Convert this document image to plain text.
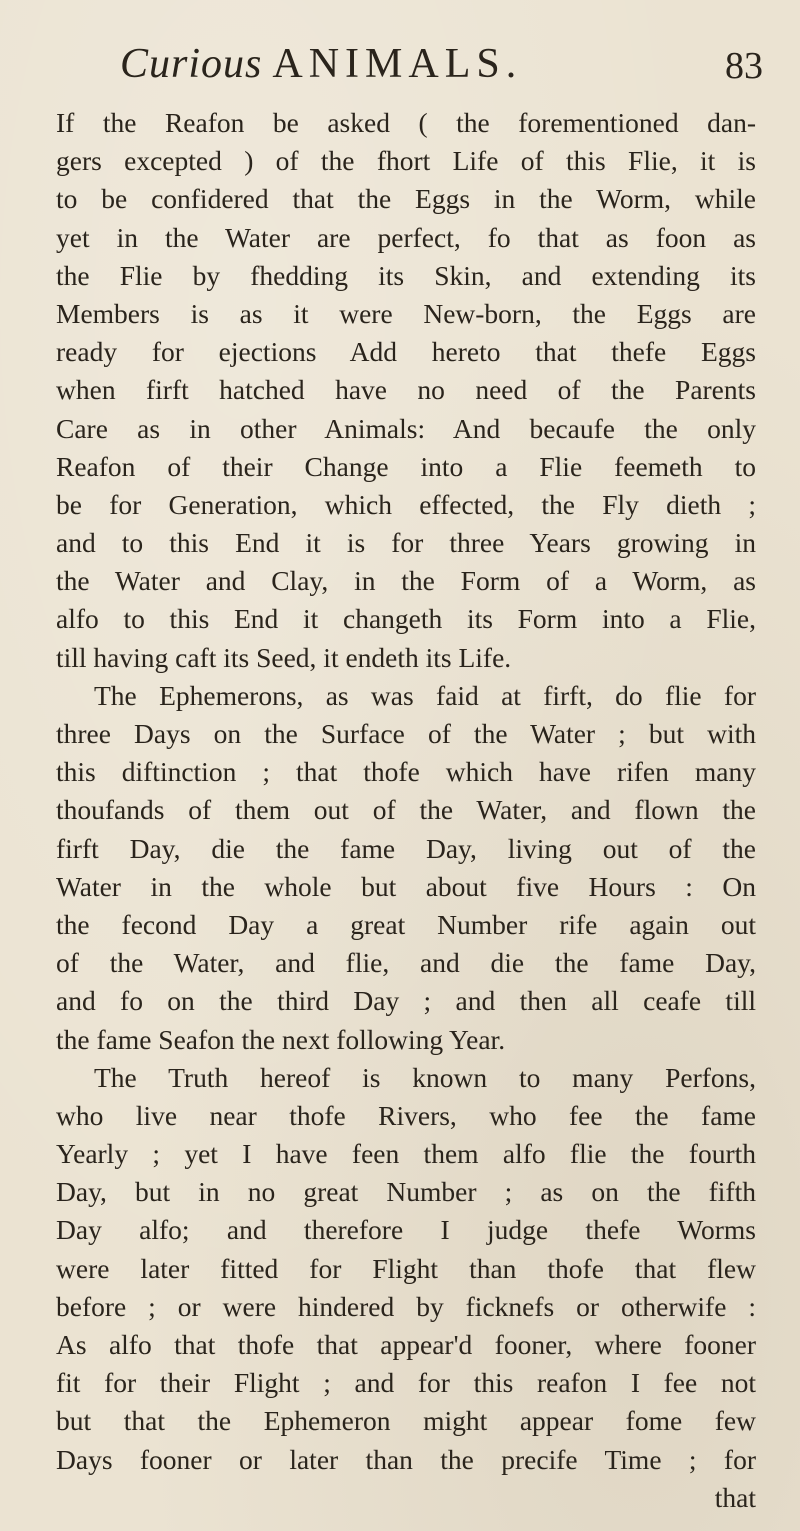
Curious ANIMALS.	83
If the Reafon be asked ( the forementioned dan-
gers excepted ) of the fhort Life of this Flie, it is
to be confidered that the Eggs in the Worm, while
yet in the Water are perfect, fo that as foon as
the Flie by fhedding its Skin, and extending its
Members is as it were New-born, the Eggs are
ready for ejections Add hereto that thefe Eggs
when firft hatched have no need of the Parents
Care as in other Animals: And becaufe the only
Reafon of their Change into a Flie feemeth to
be for Generation, which effected, the Fly dieth ;
and to this End it is for three Years growing in
the Water and Clay, in the Form of a Worm, as
alfo to this End it changeth its Form into a Flie,
till having caft its Seed, it endeth its Life.
The Ephemerons, as was faid at firft, do flie for
three Days on the Surface of the Water ; but with
this diftinction ; that thofe which have rifen many
thoufands of them out of the Water, and flown the
firft Day, die the fame Day, living out of the
Water in the whole but about five Hours : On
the fecond Day a great Number rife again out
of the Water, and flie, and die the fame Day,
and fo on the third Day ; and then all ceafe till
the fame Seafon the next following Year.
The Truth hereof is known to many Perfons,
who live near thofe Rivers, who fee the fame
Yearly ; yet I have feen them alfo flie the fourth
Day, but in no great Number ; as on the fifth
Day alfo; and therefore I judge thefe Worms
were later fitted for Flight than thofe that flew
before ; or were hindered by ficknefs or otherwife :
As alfo that thofe that appear'd fooner, where fooner
fit for their Flight ; and for this reafon I fee not
but that the Ephemeron might appear fome few
Days fooner or later than the precife Time ; for
that
